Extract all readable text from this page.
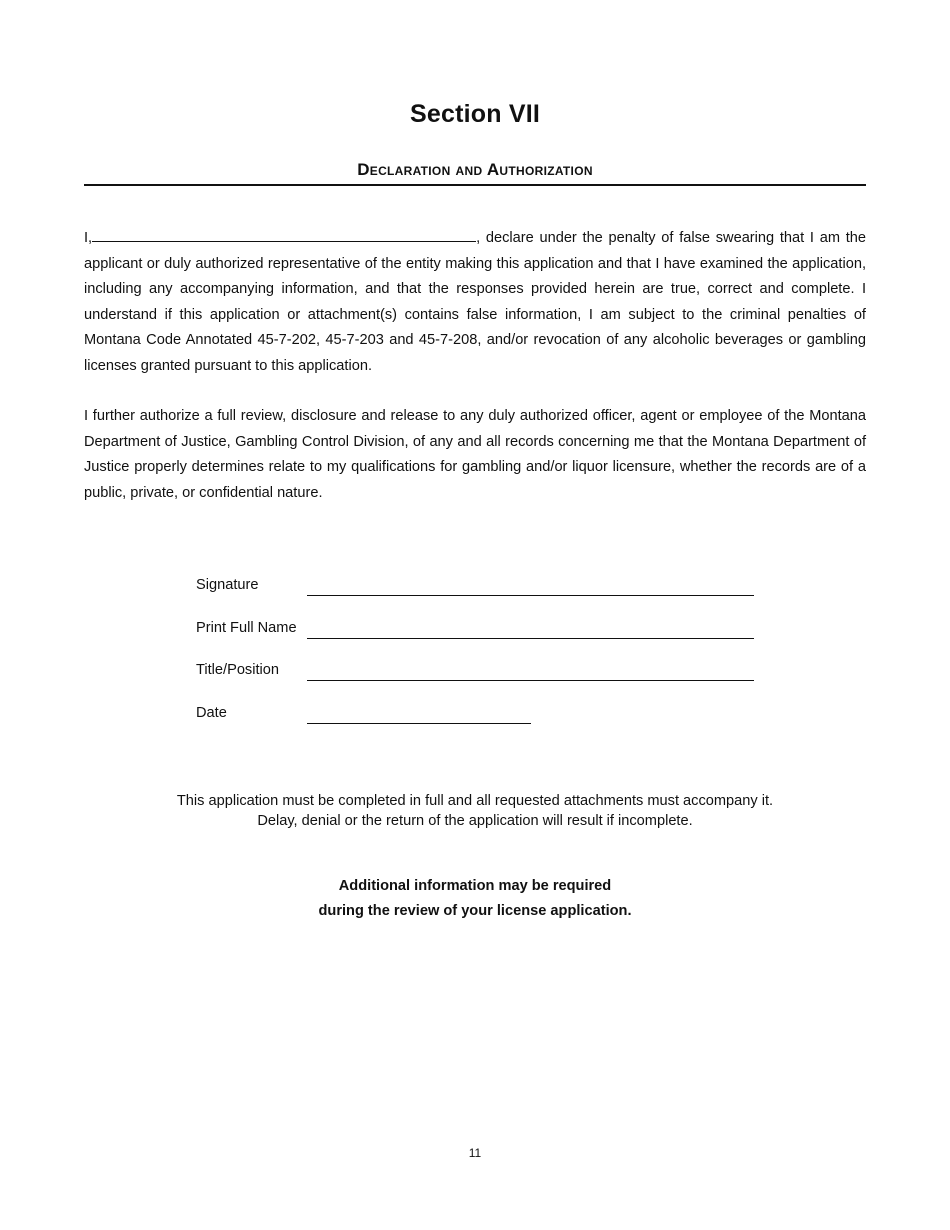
Section VII
Declaration and Authorization

I,	, declare under the penalty of false swearing that I am the applicant or duly authorized representative of the entity making this application and that I have examined the application, including any accompanying information, and that the responses provided herein are true, correct and complete. I understand if this application or attachment(s) contains false information, I am subject to the criminal penalties of Montana Code Annotated 45-7-202, 45-7-203 and 45-7-208, and/or revocation of any alcoholic beverages or gambling licenses granted pursuant to this application.

I further authorize a full review, disclosure and release to any duly authorized officer, agent or employee of the Montana Department of Justice, Gambling Control Division, of any and all records concerning me that the Montana Department of Justice properly determines relate to my qualifications for gambling and/or liquor licensure, whether the records are of a public, private, or confidential nature.

Signature
Print Full Name
Title/Position
Date
This application must be completed in full and all requested attachments must accompany it.
Delay, denial or the return of the application will result if incomplete.
Additional information may be required
during the review of your license application.
11
